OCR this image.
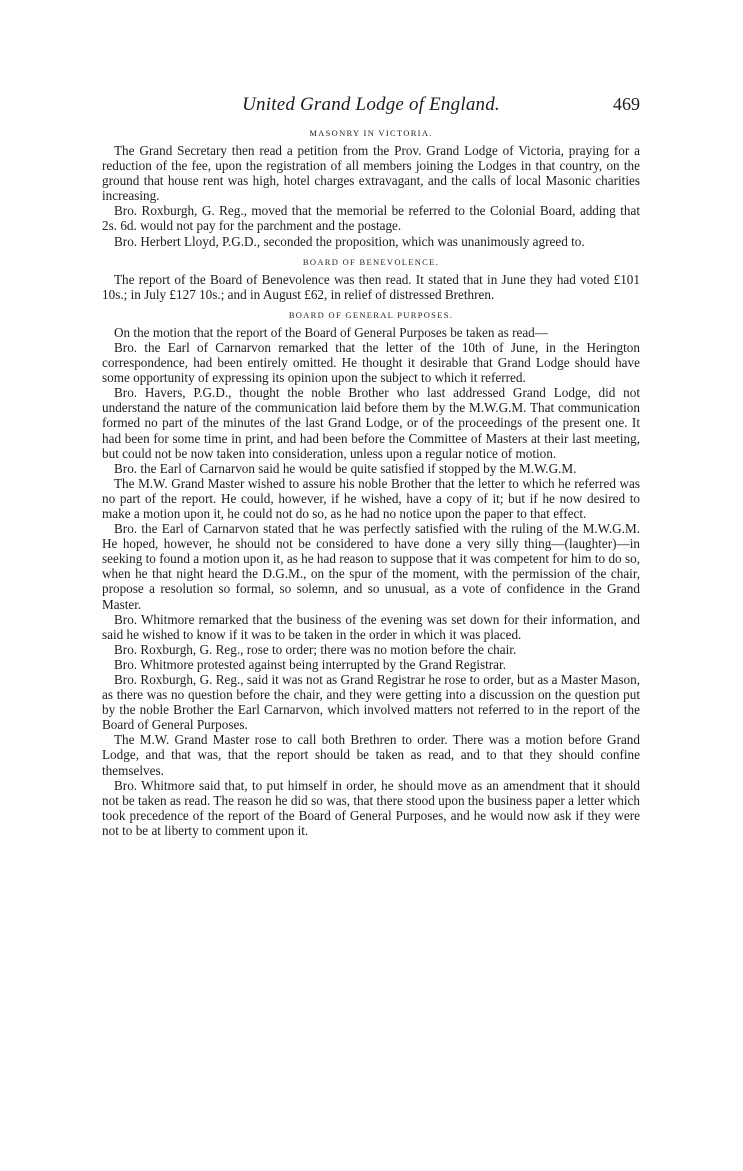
United Grand Lodge of England.	469
MASONRY IN VICTORIA.

The Grand Secretary then read a petition from the Prov. Grand Lodge of Victoria, praying for a reduction of the fee, upon the registration of all members joining the Lodges in that country, on the ground that house rent was high, hotel charges extravagant, and the calls of local Masonic charities increasing.

Bro. Roxburgh, G. Reg., moved that the memorial be referred to the Colonial Board, adding that 2s. 6d. would not pay for the parchment and the postage.

Bro. Herbert Lloyd, P.G.D., seconded the proposition, which was unanimously agreed to.

BOARD OF BENEVOLENCE.

The report of the Board of Benevolence was then read. It stated that in June they had voted £101 10s.; in July £127 10s.; and in August £62, in relief of distressed Brethren.

BOARD OF GENERAL PURPOSES.

On the motion that the report of the Board of General Purposes be taken as read—

Bro. the Earl of Carnarvon remarked that the letter of the 10th of June, in the Herington correspondence, had been entirely omitted. He thought it desirable that Grand Lodge should have some opportunity of expressing its opinion upon the subject to which it referred.

Bro. Havers, P.G.D., thought the noble Brother who last addressed Grand Lodge, did not understand the nature of the communication laid before them by the M.W.G.M. That communication formed no part of the minutes of the last Grand Lodge, or of the proceedings of the present one. It had been for some time in print, and had been before the Committee of Masters at their last meeting, but could not be now taken into consideration, unless upon a regular notice of motion.

Bro. the Earl of Carnarvon said he would be quite satisfied if stopped by the M.W.G.M.

The M.W. Grand Master wished to assure his noble Brother that the letter to which he referred was no part of the report. He could, however, if he wished, have a copy of it; but if he now desired to make a motion upon it, he could not do so, as he had no notice upon the paper to that effect.

Bro. the Earl of Carnarvon stated that he was perfectly satisfied with the ruling of the M.W.G.M. He hoped, however, he should not be considered to have done a very silly thing—(laughter)—in seeking to found a motion upon it, as he had reason to suppose that it was competent for him to do so, when he that night heard the D.G.M., on the spur of the moment, with the permission of the chair, propose a resolution so formal, so solemn, and so unusual, as a vote of confidence in the Grand Master.

Bro. Whitmore remarked that the business of the evening was set down for their information, and said he wished to know if it was to be taken in the order in which it was placed.

Bro. Roxburgh, G. Reg., rose to order; there was no motion before the chair.

Bro. Whitmore protested against being interrupted by the Grand Registrar.

Bro. Roxburgh, G. Reg., said it was not as Grand Registrar he rose to order, but as a Master Mason, as there was no question before the chair, and they were getting into a discussion on the question put by the noble Brother the Earl Carnarvon, which involved matters not referred to in the report of the Board of General Purposes.

The M.W. Grand Master rose to call both Brethren to order. There was a motion before Grand Lodge, and that was, that the report should be taken as read, and to that they should confine themselves.

Bro. Whitmore said that, to put himself in order, he should move as an amendment that it should not be taken as read. The reason he did so was, that there stood upon the business paper a letter which took precedence of the report of the Board of General Purposes, and he would now ask if they were not to be at liberty to comment upon it.
